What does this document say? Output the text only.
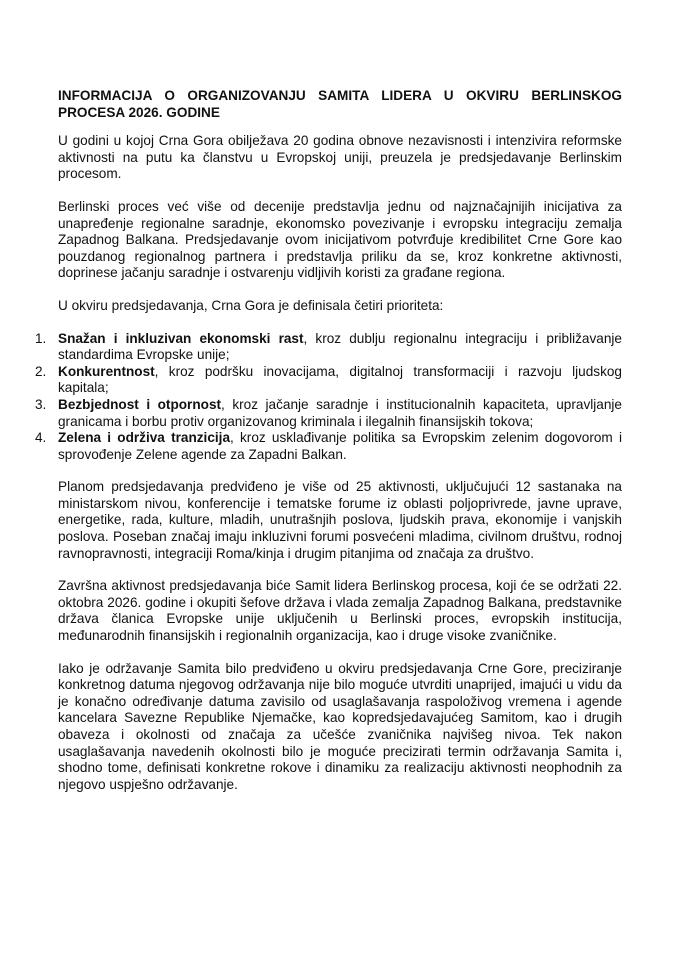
INFORMACIJA O ORGANIZOVANJU SAMITA LIDERA U OKVIRU BERLINSKOG PROCESA 2026. GODINE

U godini u kojoj Crna Gora obilježava 20 godina obnove nezavisnosti i intenzivira reformske aktivnosti na putu ka članstvu u Evropskoj uniji, preuzela je predsjedavanje Berlinskim procesom.

Berlinski proces već više od decenije predstavlja jednu od najznačajnijih inicijativa za unapređenje regionalne saradnje, ekonomsko povezivanje i evropsku integraciju zemalja Zapadnog Balkana. Predsjedavanje ovom inicijativom potvrđuje kredibilitet Crne Gore kao pouzdanog regionalnog partnera i predstavlja priliku da se, kroz konkretne aktivnosti, doprinese jačanju saradnje i ostvarenju vidljivih koristi za građane regiona.

U okviru predsjedavanja, Crna Gora je definisala četiri prioriteta:

1. Snažan i inkluzivan ekonomski rast, kroz dublju regionalnu integraciju i približavanje standardima Evropske unije;
2. Konkurentnost, kroz podršku inovacijama, digitalnoj transformaciji i razvoju ljudskog kapitala;
3. Bezbjednost i otpornost, kroz jačanje saradnje i institucionalnih kapaciteta, upravljanje granicama i borbu protiv organizovanog kriminala i ilegalnih finansijskih tokova;
4. Zelena i održiva tranzicija, kroz usklađivanje politika sa Evropskim zelenim dogovorom i sprovođenje Zelene agende za Zapadni Balkan.

Planom predsjedavanja predviđeno je više od 25 aktivnosti, uključujući 12 sastanaka na ministarskom nivou, konferencije i tematske forume iz oblasti poljoprivrede, javne uprave, energetike, rada, kulture, mladih, unutrašnjih poslova, ljudskih prava, ekonomije i vanjskih poslova. Poseban značaj imaju inkluzivni forumi posvećeni mladima, civilnom društvu, rodnoj ravnopravnosti, integraciji Roma/kinja i drugim pitanjima od značaja za društvo.

Završna aktivnost predsjedavanja biće Samit lidera Berlinskog procesa, koji će se održati 22. oktobra 2026. godine i okupiti šefove država i vlada zemalja Zapadnog Balkana, predstavnike država članica Evropske unije uključenih u Berlinski proces, evropskih institucija, međunarodnih finansijskih i regionalnih organizacija, kao i druge visoke zvaničnike.

Iako je održavanje Samita bilo predviđeno u okviru predsjedavanja Crne Gore, preciziranje konkretnog datuma njegovog održavanja nije bilo moguće utvrditi unaprijed, imajući u vidu da je konačno određivanje datuma zavisilo od usaglašavanja raspoloživog vremena i agende kancelara Savezne Republike Njemačke, kao kopredsjedavajućeg Samitom, kao i drugih obaveza i okolnosti od značaja za učešće zvaničnika najvišeg nivoa. Tek nakon usaglašavanja navedenih okolnosti bilo je moguće precizirati termin održavanja Samita i, shodno tome, definisati konkretne rokove i dinamiku za realizaciju aktivnosti neophodnih za njegovo uspješno održavanje.
